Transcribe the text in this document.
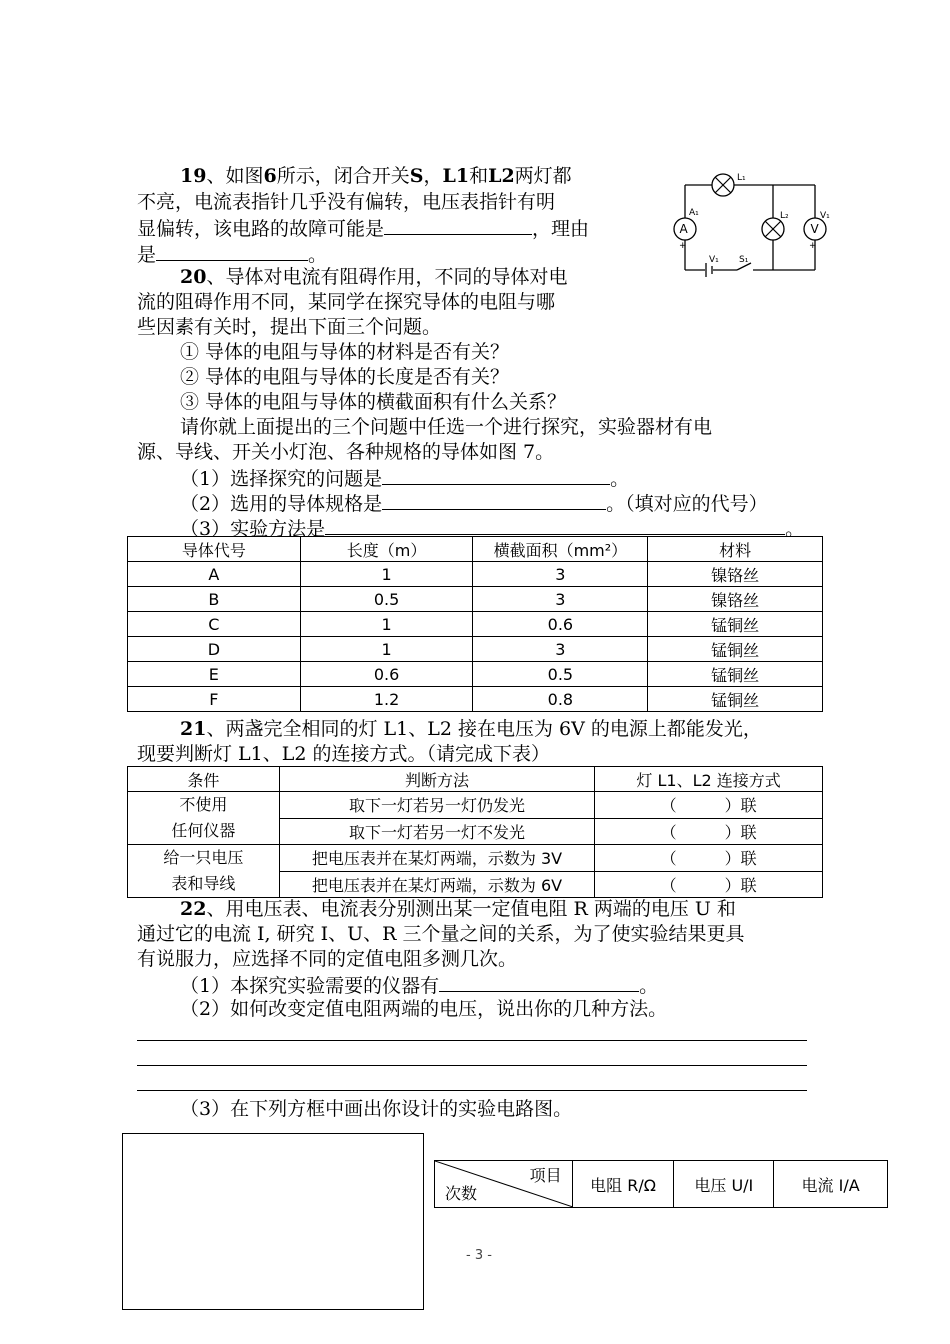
19、如图6所示，闭合开关S，L1和L2两灯都
不亮，电流表指针几乎没有偏转，电压表指针有明
显偏转，该电路的故障可能是	，理由
是	。
L₁
A₁	L₂	V₁
V₁ S₁
+	+
A	V
20、导体对电流有阻碍作用，不同的导体对电
流的阻碍作用不同，某同学在探究导体的电阻与哪
些因素有关时，提出下面三个问题。
① 导体的电阻与导体的材料是否有关？
② 导体的电阻与导体的长度是否有关？
③ 导体的电阻与导体的横截面积有什么关系？
请你就上面提出的三个问题中任选一个进行探究，实验器材有电
源、导线、开关小灯泡、各种规格的导体如图 7。
（1）选择探究的问题是	。
（2）选用的导体规格是	。（填对应的代号）
（3）实验方法是	。
导体代号	长度（m）	横截面积（mm²）	材料
A	1	3	镍铬丝
B	0.5	3	镍铬丝
C	1	0.6	锰铜丝
D	1	3	锰铜丝
E	0.6	0.5	锰铜丝
F	1.2	0.8	锰铜丝
21、两盏完全相同的灯 L1、L2 接在电压为 6V 的电源上都能发光，
现要判断灯 L1、L2 的连接方式。（请完成下表）
条件	判断方法	灯 L1、L2 连接方式
不使用
任何仪器	取下一灯若另一灯仍发光	（　　　）联
	取下一灯若另一灯不发光	（　　　）联
给一只电压
表和导线	把电压表并在某灯两端，示数为 3V	（　　　）联
	把电压表并在某灯两端，示数为 6V	（　　　）联
22、用电压表、电流表分别测出某一定值电阻 R 两端的电压 U 和
通过它的电流 I, 研究 I、U、R 三个量之间的关系，为了使实验结果更具
有说服力，应选择不同的定值电阻多测几次。
（1）本探究实验需要的仪器有	。
（2）如何改变定值电阻两端的电压，说出你的几种方法。
（3）在下列方框中画出你设计的实验电路图。
项目
次数	电阻 R/Ω	电压 U/I	电流 I/A
- 3 -
